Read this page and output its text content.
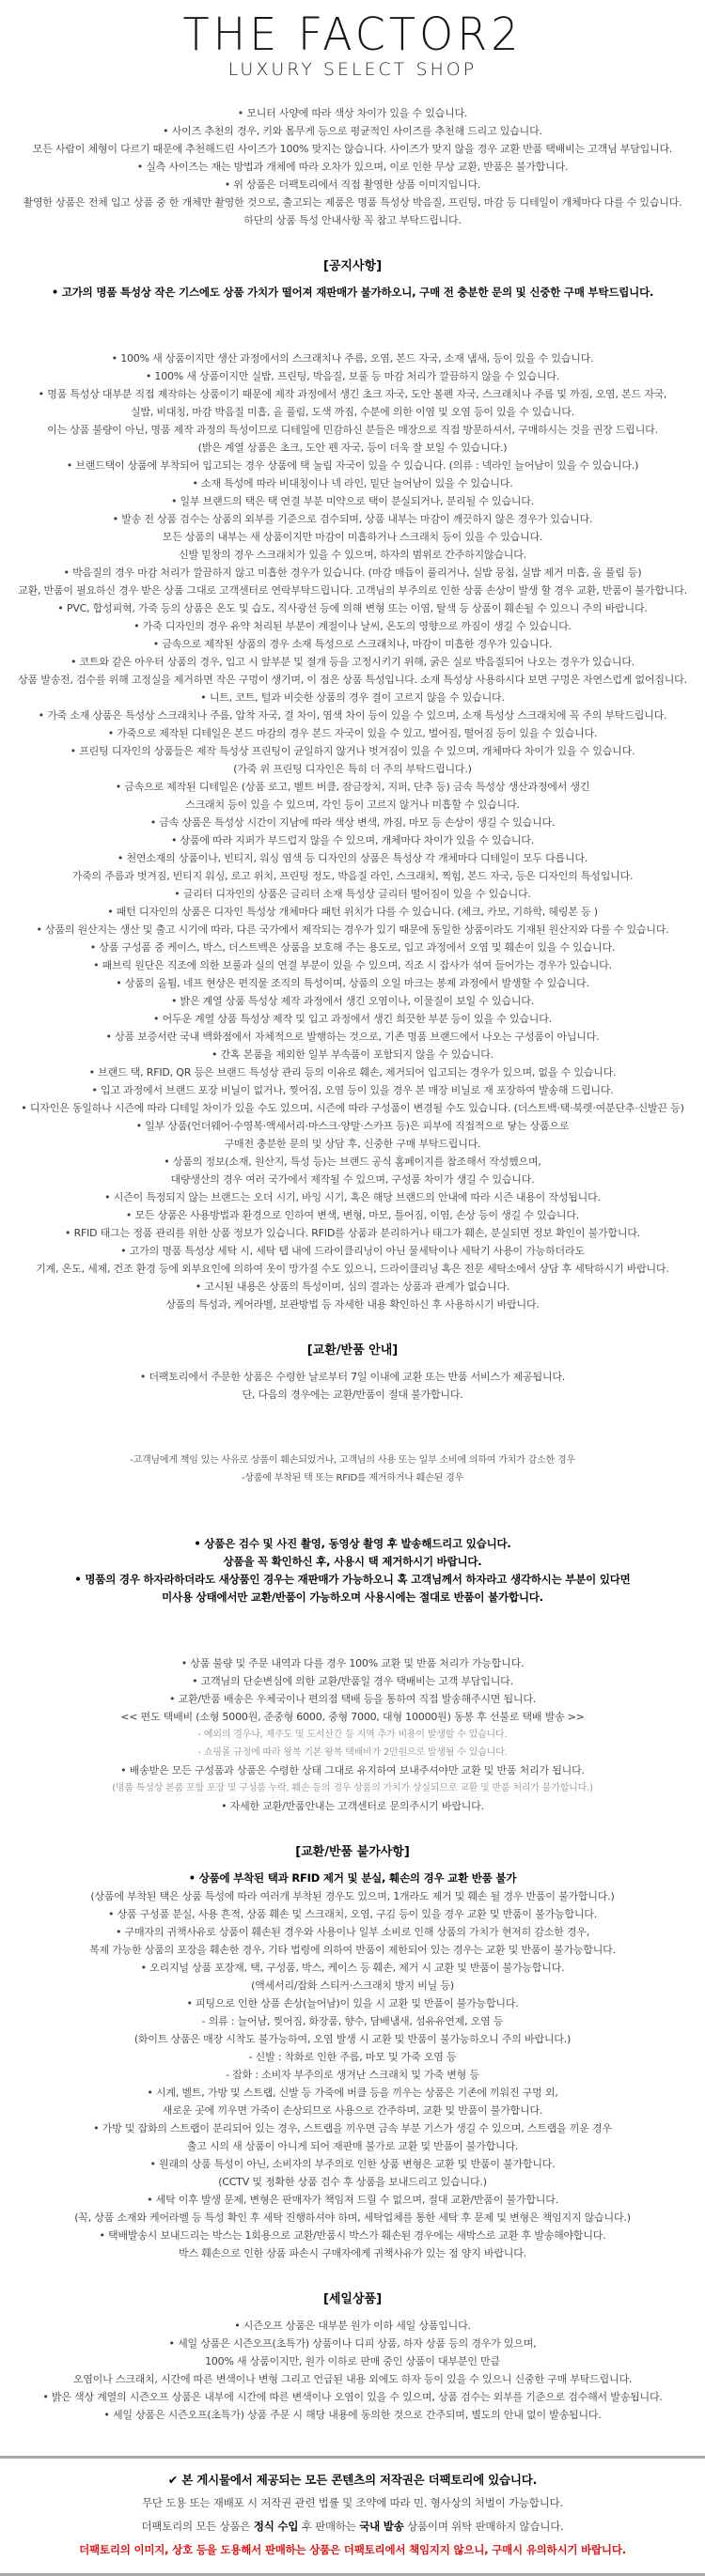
THE FACTOR2
LUXURY SELECT SHOP

• 모니터 사양에 따라 색상 차이가 있을 수 있습니다.

• 사이즈 추천의 경우, 키와 몸무게 등으로 평균적인 사이즈를 추천해 드리고 있습니다.

모든 사람이 체형이 다르기 때문에 추천해드린 사이즈가 100% 맞지는 않습니다. 사이즈가 맞지 않을 경우 교환 반품 택배비는 고객님 부담입니다.

• 실측 사이즈는 재는 방법과 개체에 따라 오차가 있으며, 이로 인한 무상 교환, 반품은 불가합니다.

• 위 상품은 더팩토리에서 직접 촬영한 상품 이미지입니다.

촬영한 상품은 전체 입고 상품 중 한 개체만 촬영한 것으로, 출고되는 제품은 명품 특성상 박음질, 프린팅, 마감 등 디테일이 개체마다 다를 수 있습니다.

하단의 상품 특성 안내사항 꼭 참고 부탁드립니다.

[공지사항]

• 고가의 명품 특성상 작은 기스에도 상품 가치가 떨어져 재판매가 불가하오니, 구매 전 충분한 문의 및 신중한 구매 부탁드립니다.

• 100% 새 상품이지만 생산 과정에서의 스크래치나 주름, 오염, 본드 자국, 소재 냄새, 등이 있을 수 있습니다.

• 100% 새 상품이지만 실밥, 프린팅, 박음질, 보풀 등 마감 처리가 깔끔하지 않을 수 있습니다.

• 명품 특성상 대부분 직접 제작하는 상품이기 때문에 제작 과정에서 생긴 초크 자국, 도안 볼펜 자국, 스크래치나 주름 및 까짐, 오염, 본드 자국,

실밥, 비대칭, 마감 박음질 미흡, 올 풀림, 도색 까짐, 수분에 의한 이염 및 오염 등이 있을 수 있습니다.

이는 상품 불량이 아닌, 명품 제작 과정의 특성이므로 디테일에 민감하신 분들은 매장으로 직접 방문하셔서, 구매하시는 것을 권장 드립니다.

(밝은 계열 상품은 초크, 도안 펜 자국, 등이 더욱 잘 보일 수 있습니다.)

• 브랜드택이 상품에 부착되어 입고되는 경우 상품에 택 눌림 자국이 있을 수 있습니다. (의류 : 넥라인 늘어남이 있을 수 있습니다.)

• 소재 특성에 따라 비대칭이나 넥 라인, 밑단 늘어남이 있을 수 있습니다.

• 일부 브랜드의 택은 택 연결 부분 미약으로 택이 분실되거나, 분리될 수 있습니다.

• 발송 전 상품 검수는 상품의 외부를 기준으로 검수되며, 상품 내부는 마감이 깨끗하지 않은 경우가 있습니다.

모든 상품의 내부는 새 상품이지만 마감이 미흡하거나 스크래치 등이 있을 수 있습니다.

신발 밑창의 경우 스크래치가 있을 수 있으며, 하자의 범위로 간주하지않습니다.

• 박음질의 경우 마감 처리가 깔끔하지 않고 미흡한 경우가 있습니다. (마감 매듭이 풀리거나, 실밥 뭉침, 실밥 제거 미흡, 올 풀림 등)

교환, 반품이 필요하신 경우 받은 상품 그대로 고객센터로 연락부탁드립니다. 고객님의 부주의로 인한 상품 손상이 발생 할 경우 교환, 반품이 불가합니다.

• PVC, 합성피혁, 가죽 등의 상품은 온도 및 습도, 직사광선 등에 의해 변형 또는 이염, 탈색 등 상품이 훼손될 수 있으니 주의 바랍니다.

• 가죽 디자인의 경우 유약 처리된 부분이 계절이나 날씨, 온도의 영향으로 까짐이 생길 수 있습니다.

• 금속으로 제작된 상품의 경우 소재 특성으로 스크래치나, 마감이 미흡한 경우가 있습니다.

• 코트와 같은 아우터 상품의 경우, 입고 시 앞부분 및 절개 등을 고정시키기 위해, 굵은 실로 박음질되어 나오는 경우가 있습니다.

상품 발송전, 검수를 위해 고정실을 제거하면 작은 구멍이 생기며, 이 점은 상품 특성입니다. 소재 특성상 사용하시다 보면 구멍은 자연스럽게 없어집니다.

• 니트, 코트, 털과 비슷한 상품의 경우 결이 고르지 않을 수 있습니다.

• 가죽 소재 상품은 특성상 스크래치나 주름, 압착 자국, 결 차이, 염색 차이 등이 있을 수 있으며, 소재 특성상 스크래치에 꼭 주의 부탁드립니다.

• 가죽으로 제작된 디테일은 본드 마감의 경우 본드 자국이 있을 수 있고, 벌어짐, 떨어짐 등이 있을 수 있습니다.

• 프린팅 디자인의 상품들은 제작 특성상 프린팅이 균일하지 않거나 벗겨짐이 있을 수 있으며, 개체마다 차이가 있을 수 있습니다.

(가죽 위 프린팅 디자인은 특히 더 주의 부탁드립니다.)

• 금속으로 제작된 디테일은 (상품 로고, 벨트 버클, 잠금장치, 지퍼, 단추 등) 금속 특성상 생산과정에서 생긴

스크래치 등이 있을 수 있으며, 각인 등이 고르지 않거나 미흡할 수 있습니다.

• 금속 상품은 특성상 시간이 지남에 따라 색상 변색, 까짐, 마모 등 손상이 생길 수 있습니다.

• 상품에 따라 지퍼가 부드럽지 않을 수 있으며, 개체마다 차이가 있을 수 있습니다.

• 천연소재의 상품이나, 빈티지, 워싱 염색 등 디자인의 상품은 특성상 각 개체마다 디테일이 모두 다릅니다.

가죽의 주름과 벗겨짐, 빈티지 워싱, 로고 위치, 프린팅 정도, 박음질 라인, 스크래치, 찍힘, 본드 자국, 등은 디자인의 특성입니다.

• 글리터 디자인의 상품은 글리터 소재 특성상 글리터 떨어짐이 있을 수 있습니다.

• 패턴 디자인의 상품은 디자인 특성상 개체마다 패턴 위치가 다를 수 있습니다. (체크, 카모, 기하학, 헤링본 등 )

• 상품의 원산지는 생산 및 출고 시기에 따라, 다른 국가에서 제작되는 경우가 있기 때문에 동일한 상품이라도 기재된 원산지와 다를 수 있습니다.

• 상품 구성품 중 케이스, 박스, 더스트백은 상품을 보호해 주는 용도로, 입고 과정에서 오염 및 훼손이 있을 수 있습니다.

• 패브릭 원단은 직조에 의한 보풀과 실의 연결 부분이 있을 수 있으며, 직조 시 잡사가 섞여 들어가는 경우가 있습니다.

• 상품의 올튐, 네프 현상은 편직물 조직의 특성이며, 상품의 오일 마크는 봉제 과정에서 발생할 수 있습니다.

• 밝은 계열 상품 특성상 제작 과정에서 생긴 오염이나, 이물질이 보일 수 있습니다.

• 어두운 계열 상품 특성상 제작 및 입고 과정에서 생긴 희끗한 부분 등이 있을 수 있습니다.

• 상품 보증서란 국내 백화점에서 자체적으로 발행하는 것으로, 기존 명품 브랜드에서 나오는 구성품이 아닙니다.

• 간혹 본품을 제외한 일부 부속품이 포함되지 않을 수 있습니다.

• 브랜드 택, RFID, QR 등은 브랜드 특성상 관리 등의 이유로 훼손, 제거되어 입고되는 경우가 있으며, 없을 수 있습니다.

• 입고 과정에서 브랜드 포장 비닐이 없거나, 찢어짐, 오염 등이 있을 경우 본 매장 비닐로 재 포장하여 발송해 드립니다.

• 디자인은 동일하나 시즌에 따라 디테일 차이가 있을 수도 있으며, 시즌에 따라 구성품이 변경될 수도 있습니다. (더스트백·택·북렛·여분단추·신발끈 등)

• 일부 상품(언더웨어·수영복·액세서리·마스크·양말·스카프 등)은 피부에 직접적으로 닿는 상품으로

구매전 충분한 문의 및 상담 후, 신중한 구매 부탁드립니다.

• 상품의 정보(소재, 원산지, 특성 등)는 브랜드 공식 홈페이지를 참조해서 작성했으며,

대량생산의 경우 여러 국가에서 제작될 수 있으며, 구성품 차이가 생길 수 있습니다.

• 시즌이 특정되지 않는 브랜드는 오더 시기, 바잉 시기, 혹은 해당 브랜드의 안내에 따라 시즌 내용이 작성됩니다.

• 모든 상품은 사용방법과 환경으로 인하여 변색, 변형, 마모, 틀어짐, 이염, 손상 등이 생길 수 있습니다.

• RFID 태그는 정품 관리를 위한 상품 정보가 있습니다. RFID를 상품과 분리하거나 태그가 훼손, 분실되면 정보 확인이 불가합니다.

• 고가의 명품 특성상 세탁 시, 세탁 탭 내에 드라이클리닝이 아닌 물세탁이나 세탁기 사용이 가능하더라도

기계, 온도, 세제, 건조 환경 등에 외부요인에 의하여 옷이 망가질 수도 있으니, 드라이클리닝 혹은 전문 세탁소에서 상담 후 세탁하시기 바랍니다.

• 고시된 내용은 상품의 특성이며, 심의 결과는 상품과 관계가 없습니다.

상품의 특성과, 케어라벨, 보관방법 등 자세한 내용 확인하신 후 사용하시기 바랍니다.

[교환/반품 안내]

• 더팩토리에서 주문한 상품은 수령한 날로부터 7일 이내에 교환 또는 반품 서비스가 제공됩니다.

단, 다음의 경우에는 교환/반품이 절대 불가합니다.

-고객님에게 책임 있는 사유로 상품이 훼손되었거나, 고객님의 사용 또는 일부 소비에 의하여 가치가 감소한 경우

-상품에 부착된 택 또는 RFID를 제거하거나 훼손된 경우

• 상품은 검수 및 사진 촬영, 동영상 촬영 후 발송해드리고 있습니다.

상품을 꼭 확인하신 후, 사용시 택 제거하시기 바랍니다.

• 명품의 경우 하자라하더라도 새상품인 경우는 재판매가 가능하오니 혹 고객님께서 하자라고 생각하시는 부분이 있다면

미사용 상태에서만 교환/반품이 가능하오며 사용시에는 절대로 반품이 불가합니다.

• 상품 불량 및 주문 내역과 다를 경우 100% 교환 및 반품 처리가 가능합니다.

• 고객님의 단순변심에 의한 교환/반품일 경우 택배비는 고객 부담입니다.

• 교환/반품 배송은 우체국이나 편의점 택배 등을 통하여 직접 발송해주시면 됩니다.

<< 편도 택배비 (소형 5000원, 준중형 6000, 중형 7000, 대형 10000원) 동봉 후 선불로 택배 발송 >>

- 예외의 경우나, 제주도 및 도서산간 등 지역 추가 비용이 발생할 수 있습니다.

- 쇼핑몰 규정에 따라 왕복 기본 왕복 택배비가 2만원으로 발생될 수 있습니다.

• 배송받은 모든 구성품과 상품은 수령한 상태 그대로 유지하여 보내주셔야만 교환 및 반품 처리가 됩니다.

(명품 특성상 본품 포함 포장 및 구성품 누락, 훼손 등의 경우 상품의 가치가 상실되므로 교환 및 반품 처리가 불가합니다.)

• 자세한 교환/반품안내는 고객센터로 문의주시기 바랍니다.

[교환/반품 불가사항]

• 상품에 부착된 택과 RFID 제거 및 분실, 훼손의 경우 교환 반품 불가

(상품에 부착된 택은 상품 특성에 따라 여러개 부착된 경우도 있으며, 1개라도 제거 및 훼손 될 경우 반품이 불가합니다.)

• 상품 구성품 분실, 사용 흔적, 상품 훼손 및 스크래치, 오염, 구김 등이 있을 경우 교환 및 반품이 불가능합니다.

• 구매자의 귀책사유로 상품이 훼손된 경우와 사용이나 일부 소비로 인해 상품의 가치가 현저히 감소한 경우,

복제 가능한 상품의 포장을 훼손한 경우, 기타 법령에 의하여 반품이 제한되어 있는 경우는 교환 및 반품이 불가능합니다.

• 오리지널 상품 포장재, 택, 구성품, 박스, 케이스 등 훼손, 제거 시 교환 및 반품이 불가능합니다.

(액세서리/잡화 스티커·스크래치 방지 비닐 등)

• 피팅으로 인한 상품 손상(늘어남)이 있을 시 교환 및 반품이 불가능합니다.

- 의류 : 늘어남, 찢어짐, 화장품, 향수, 담배냄새, 섬유유연제, 오염 등

(화이트 상품은 매장 시착도 불가능하여, 오염 발생 시 교환 및 반품이 불가능하오니 주의 바랍니다.)

- 신발 : 착화로 인한 주름, 마모 및 가죽 오염 등

- 잡화 : 소비자 부주의로 생겨난 스크래치 및 가죽 변형 등

• 시계, 벨트, 가방 및 스트랩, 신발 등 가죽에 버클 등을 끼우는 상품은 기존에 끼워진 구멍 외,

새로운 곳에 끼우면 가죽이 손상되므로 사용으로 간주하며, 교환 및 반품이 불가합니다.

• 가방 및 잡화의 스트랩이 분리되어 있는 경우, 스트랩을 끼우면 금속 부분 기스가 생길 수 있으며, 스트랩을 끼운 경우

출고 시의 새 상품이 아니게 되어 재판매 불가로 교환 및 반품이 불가합니다.

• 원래의 상품 특성이 아닌, 소비자의 부주의로 인한 상품 변형은 교환 및 반품이 불가합니다.

(CCTV 및 정확한 상품 검수 후 상품을 보내드리고 있습니다.)

• 세탁 이후 발생 문제, 변형은 판매자가 책임져 드릴 수 없으며, 절대 교환/반품이 불가합니다.

(꼭, 상품 소재와 케어라벨 등 특성 확인 후 세탁 진행하셔야 하며, 세탁업체를 통한 세탁 후 문제 및 변형은 책임지지 않습니다.)

• 택배발송시 보내드리는 박스는 1회용으로 교환/반품시 박스가 훼손된 경우에는 새박스로 교환 후 발송해야합니다.

박스 훼손으로 인한 상품 파손시 구매자에게 귀책사유가 있는 점 양지 바랍니다.

[세일상품]

• 시즌오프 상품은 대부분 원가 이하 세일 상품입니다.

• 세일 상품은 시즌오프(초특가) 상품이나 디피 상품, 하자 상품 등의 경우가 있으며,

100% 새 상품이지만, 원가 이하로 판매 중인 상품이 대부분인 만큼

오염이나 스크래치, 시간에 따른 변색이나 변형 그리고 언급된 내용 외에도 하자 등이 있을 수 있으니 신중한 구매 부탁드립니다.

• 밝은 색상 계열의 시즌오프 상품은 내부에 시간에 따른 변색이나 오염이 있을 수 있으며, 상품 검수는 외부를 기준으로 검수해서 발송됩니다.

• 세일 상품은 시즌오프(초특가) 상품 주문 시 해당 내용에 동의한 것으로 간주되며, 별도의 안내 없이 발송됩니다.

✔ 본 게시물에서 제공되는 모든 콘텐츠의 저작권은 더팩토리에 있습니다.

무단 도용 또는 재배포 시 저작권 관련 법률 및 조약에 따라 민. 형사상의 처벌이 가능합니다.

더팩토리의 모든 상품은 정식 수입 후 판매하는 국내 발송 상품이며 위탁 판매하지 않습니다.

더팩토리의 이미지, 상호 등을 도용해서 판매하는 상품은 더팩토리에서 책임지지 않으니, 구매시 유의하시기 바랍니다.
